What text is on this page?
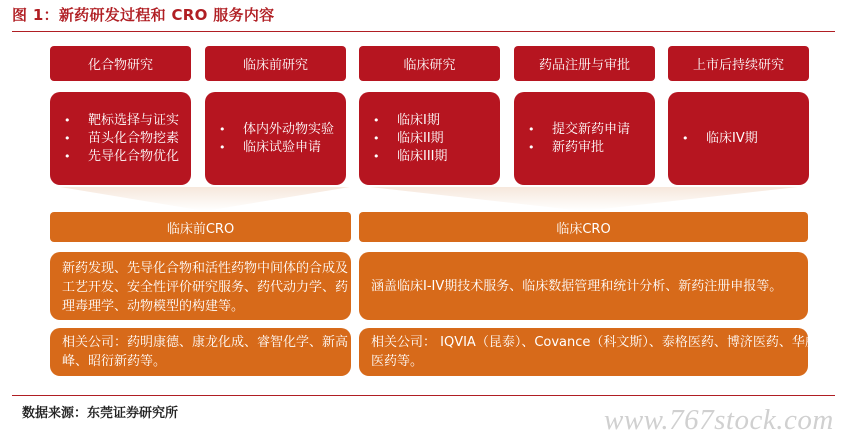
图 1：新药研发过程和 CRO 服务内容
化合物研究	临床前研究	临床研究	药品注册与审批	上市后持续研究
• 靶标选择与证实
• 苗头化合物挖素
• 先导化合物优化
• 体内外动物实验
• 临床试验申请
• 临床I期
• 临床II期
• 临床III期
• 提交新药申请
• 新药审批
• 临床IV期
临床前CRO	临床CRO
新药发现、先导化合物和活性药物中间体的合成及
工艺开发、安全性评价研究服务、药代动力学、药
理毒理学、动物模型的构建等。
涵盖临床I-IV期技术服务、临床数据管理和统计分析、新药注册申报等。
相关公司：药明康德、康龙化成、睿智化学、新高
峰、昭衍新药等。
相关公司： IQVIA（昆泰）、Covance（科文斯）、泰格医药、博济医药、华威
医药等。
数据来源：东莞证券研究所	www.767stock.com
